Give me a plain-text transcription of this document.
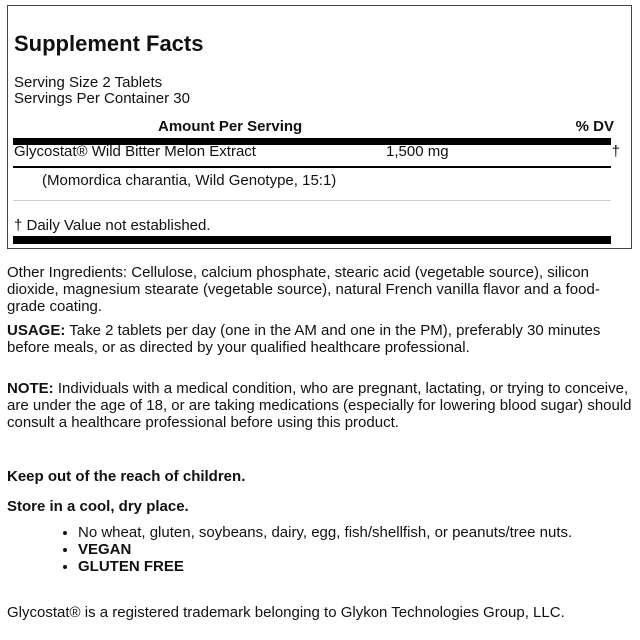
Supplement Facts
Serving Size 2 Tablets
Servings Per Container 30
Amount Per Serving	% DV
Glycostat® Wild Bitter Melon Extract	1,500 mg	†
(Momordica charantia, Wild Genotype, 15:1)
† Daily Value not established.
Other Ingredients: Cellulose, calcium phosphate, stearic acid (vegetable source), silicon dioxide, magnesium stearate (vegetable source), natural French vanilla flavor and a food-grade coating.
USAGE: Take 2 tablets per day (one in the AM and one in the PM), preferably 30 minutes before meals, or as directed by your qualified healthcare professional.
NOTE: Individuals with a medical condition, who are pregnant, lactating, or trying to conceive, are under the age of 18, or are taking medications (especially for lowering blood sugar) should consult a healthcare professional before using this product.
Keep out of the reach of children.
Store in a cool, dry place.
• No wheat, gluten, soybeans, dairy, egg, fish/shellfish, or peanuts/tree nuts.
• VEGAN
• GLUTEN FREE
Glycostat® is a registered trademark belonging to Glykon Technologies Group, LLC.
